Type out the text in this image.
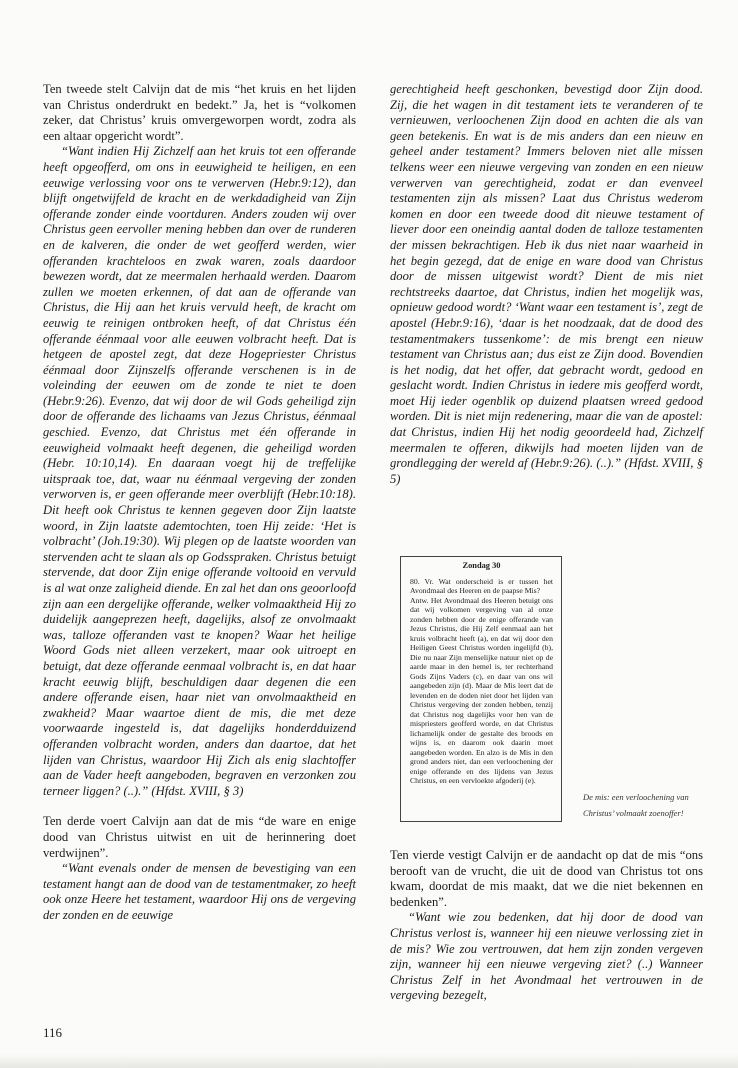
Ten tweede stelt Calvijn dat de mis “het kruis en het lijden van Christus onderdrukt en bedekt.” Ja, het is “volkomen zeker, dat Christus’ kruis omvergeworpen wordt, zodra als een altaar opgericht wordt”.

“Want indien Hij Zichzelf aan het kruis tot een offerande heeft opgeofferd, om ons in eeuwigheid te heiligen, en een eeuwige verlossing voor ons te verwerven (Hebr.9:12), dan blijft ongetwijfeld de kracht en de werkdadigheid van Zijn offerande zonder einde voortduren. Anders zouden wij over Christus geen eervoller mening hebben dan over de runderen en de kalveren, die onder de wet geofferd werden, wier offeranden krachteloos en zwak waren, zoals daardoor bewezen wordt, dat ze meermalen herhaald werden. Daarom zullen we moeten erkennen, of dat aan de offerande van Christus, die Hij aan het kruis vervuld heeft, de kracht om eeuwig te reinigen ontbroken heeft, of dat Christus één offerande éénmaal voor alle eeuwen volbracht heeft. Dat is hetgeen de apostel zegt, dat deze Hogepriester Christus éénmaal door Zijnszelfs offerande verschenen is in de voleinding der eeuwen om de zonde te niet te doen (Hebr.9:26). Evenzo, dat wij door de wil Gods geheiligd zijn door de offerande des lichaams van Jezus Christus, éénmaal geschied. Evenzo, dat Christus met één offerande in eeuwigheid volmaakt heeft degenen, die geheiligd worden (Hebr. 10:10,14). En daaraan voegt hij de treffelijke uitspraak toe, dat, waar nu éénmaal vergeving der zonden verworven is, er geen offerande meer overblijft (Hebr.10:18). Dit heeft ook Christus te kennen gegeven door Zijn laatste woord, in Zijn laatste ademtochten, toen Hij zeide: ‘Het is volbracht’ (Joh.19:30). Wij plegen op de laatste woorden van stervenden acht te slaan als op Godsspraken. Christus betuigt stervende, dat door Zijn enige offerande voltooid en vervuld is al wat onze zaligheid diende. En zal het dan ons geoorloofd zijn aan een dergelijke offerande, welker volmaaktheid Hij zo duidelijk aangeprezen heeft, dagelijks, alsof ze onvolmaakt was, talloze offeranden vast te knopen? Waar het heilige Woord Gods niet alleen verzekert, maar ook uitroept en betuigt, dat deze offerande eenmaal volbracht is, en dat haar kracht eeuwig blijft, beschuldigen daar degenen die een andere offerande eisen, haar niet van onvolmaaktheid en zwakheid? Maar waartoe dient de mis, die met deze voorwaarde ingesteld is, dat dagelijks honderdduizend offeranden volbracht worden, anders dan daartoe, dat het lijden van Christus, waardoor Hij Zich als enig slachtoffer aan de Vader heeft aangeboden, begraven en verzonken zou terneer liggen? (..).” (Hfdst. XVIII, § 3)

Ten derde voert Calvijn aan dat de mis “de ware en enige dood van Christus uitwist en uit de herinnering doet verdwijnen”.

“Want evenals onder de mensen de bevestiging van een testament hangt aan de dood van de testamentmaker, zo heeft ook onze Heere het testament, waardoor Hij ons de vergeving der zonden en de eeuwige

gerechtigheid heeft geschonken, bevestigd door Zijn dood. Zij, die het wagen in dit testament iets te veranderen of te vernieuwen, verloochenen Zijn dood en achten die als van geen betekenis. En wat is de mis anders dan een nieuw en geheel ander testament? Immers beloven niet alle missen telkens weer een nieuwe vergeving van zonden en een nieuw verwerven van gerechtigheid, zodat er dan evenveel testamenten zijn als missen? Laat dus Christus wederom komen en door een tweede dood dit nieuwe testament of liever door een oneindig aantal doden de talloze testamenten der missen bekrachtigen. Heb ik dus niet naar waarheid in het begin gezegd, dat de enige en ware dood van Christus door de missen uitgewist wordt? Dient de mis niet rechtstreeks daartoe, dat Christus, indien het mogelijk was, opnieuw gedood wordt? ‘Want waar een testament is’, zegt de apostel (Hebr.9:16), ‘daar is het noodzaak, dat de dood des testamentmakers tussenkome’: de mis brengt een nieuw testament van Christus aan; dus eist ze Zijn dood. Bovendien is het nodig, dat het offer, dat gebracht wordt, gedood en geslacht wordt. Indien Christus in iedere mis geofferd wordt, moet Hij ieder ogenblik op duizend plaatsen wreed gedood worden. Dit is niet mijn redenering, maar die van de apostel: dat Christus, indien Hij het nodig geoordeeld had, Zichzelf meermalen te offeren, dikwijls had moeten lijden van de grondlegging der wereld af (Hebr.9:26). (..).” (Hfdst. XVIII, § 5)

Zondag 30

80. Vr. Wat onderscheid is er tussen het Avondmaal des Heeren en de paapse Mis?

Antw. Het Avondmaal des Heeren betuigt ons dat wij volkomen vergeving van al onze zonden hebben door de enige offerande van Jezus Christus, die Hij Zelf eenmaal aan het kruis volbracht heeft (a), en dat wij door den Heiligen Geest Christus worden ingelijfd (b), Die nu naar Zijn menselijke natuur niet op de aarde maar in den hemel is, ter rechterhand Gods Zijns Vaders (c), en daar van ons wil aangebeden zijn (d). Maar de Mis leert dat de levenden en de doden niet door het lijden van Christus vergeving der zonden hebben, tenzij dat Christus nog dagelijks voor hen van de mispriesters geofferd worde, en dat Christus lichamelijk onder de gestalte des broods en wijns is, en daarom ook daarin moet aangebeden worden. En alzo is de Mis in den grond anders niet, dan een verloochening der enige offerande en des lijdens van Jezus Christus, en een vervloekte afgoderij (e).

De mis: een verloochening van Christus’ volmaakt zoenoffer!

Ten vierde vestigt Calvijn er de aandacht op dat de mis “ons berooft van de vrucht, die uit de dood van Christus tot ons kwam, doordat de mis maakt, dat we die niet bekennen en bedenken”.

“Want wie zou bedenken, dat hij door de dood van Christus verlost is, wanneer hij een nieuwe verlossing ziet in de mis? Wie zou vertrouwen, dat hem zijn zonden vergeven zijn, wanneer hij een nieuwe vergeving ziet? (..) Wanneer Christus Zelf in het Avondmaal het vertrouwen in de vergeving bezegelt,

116
